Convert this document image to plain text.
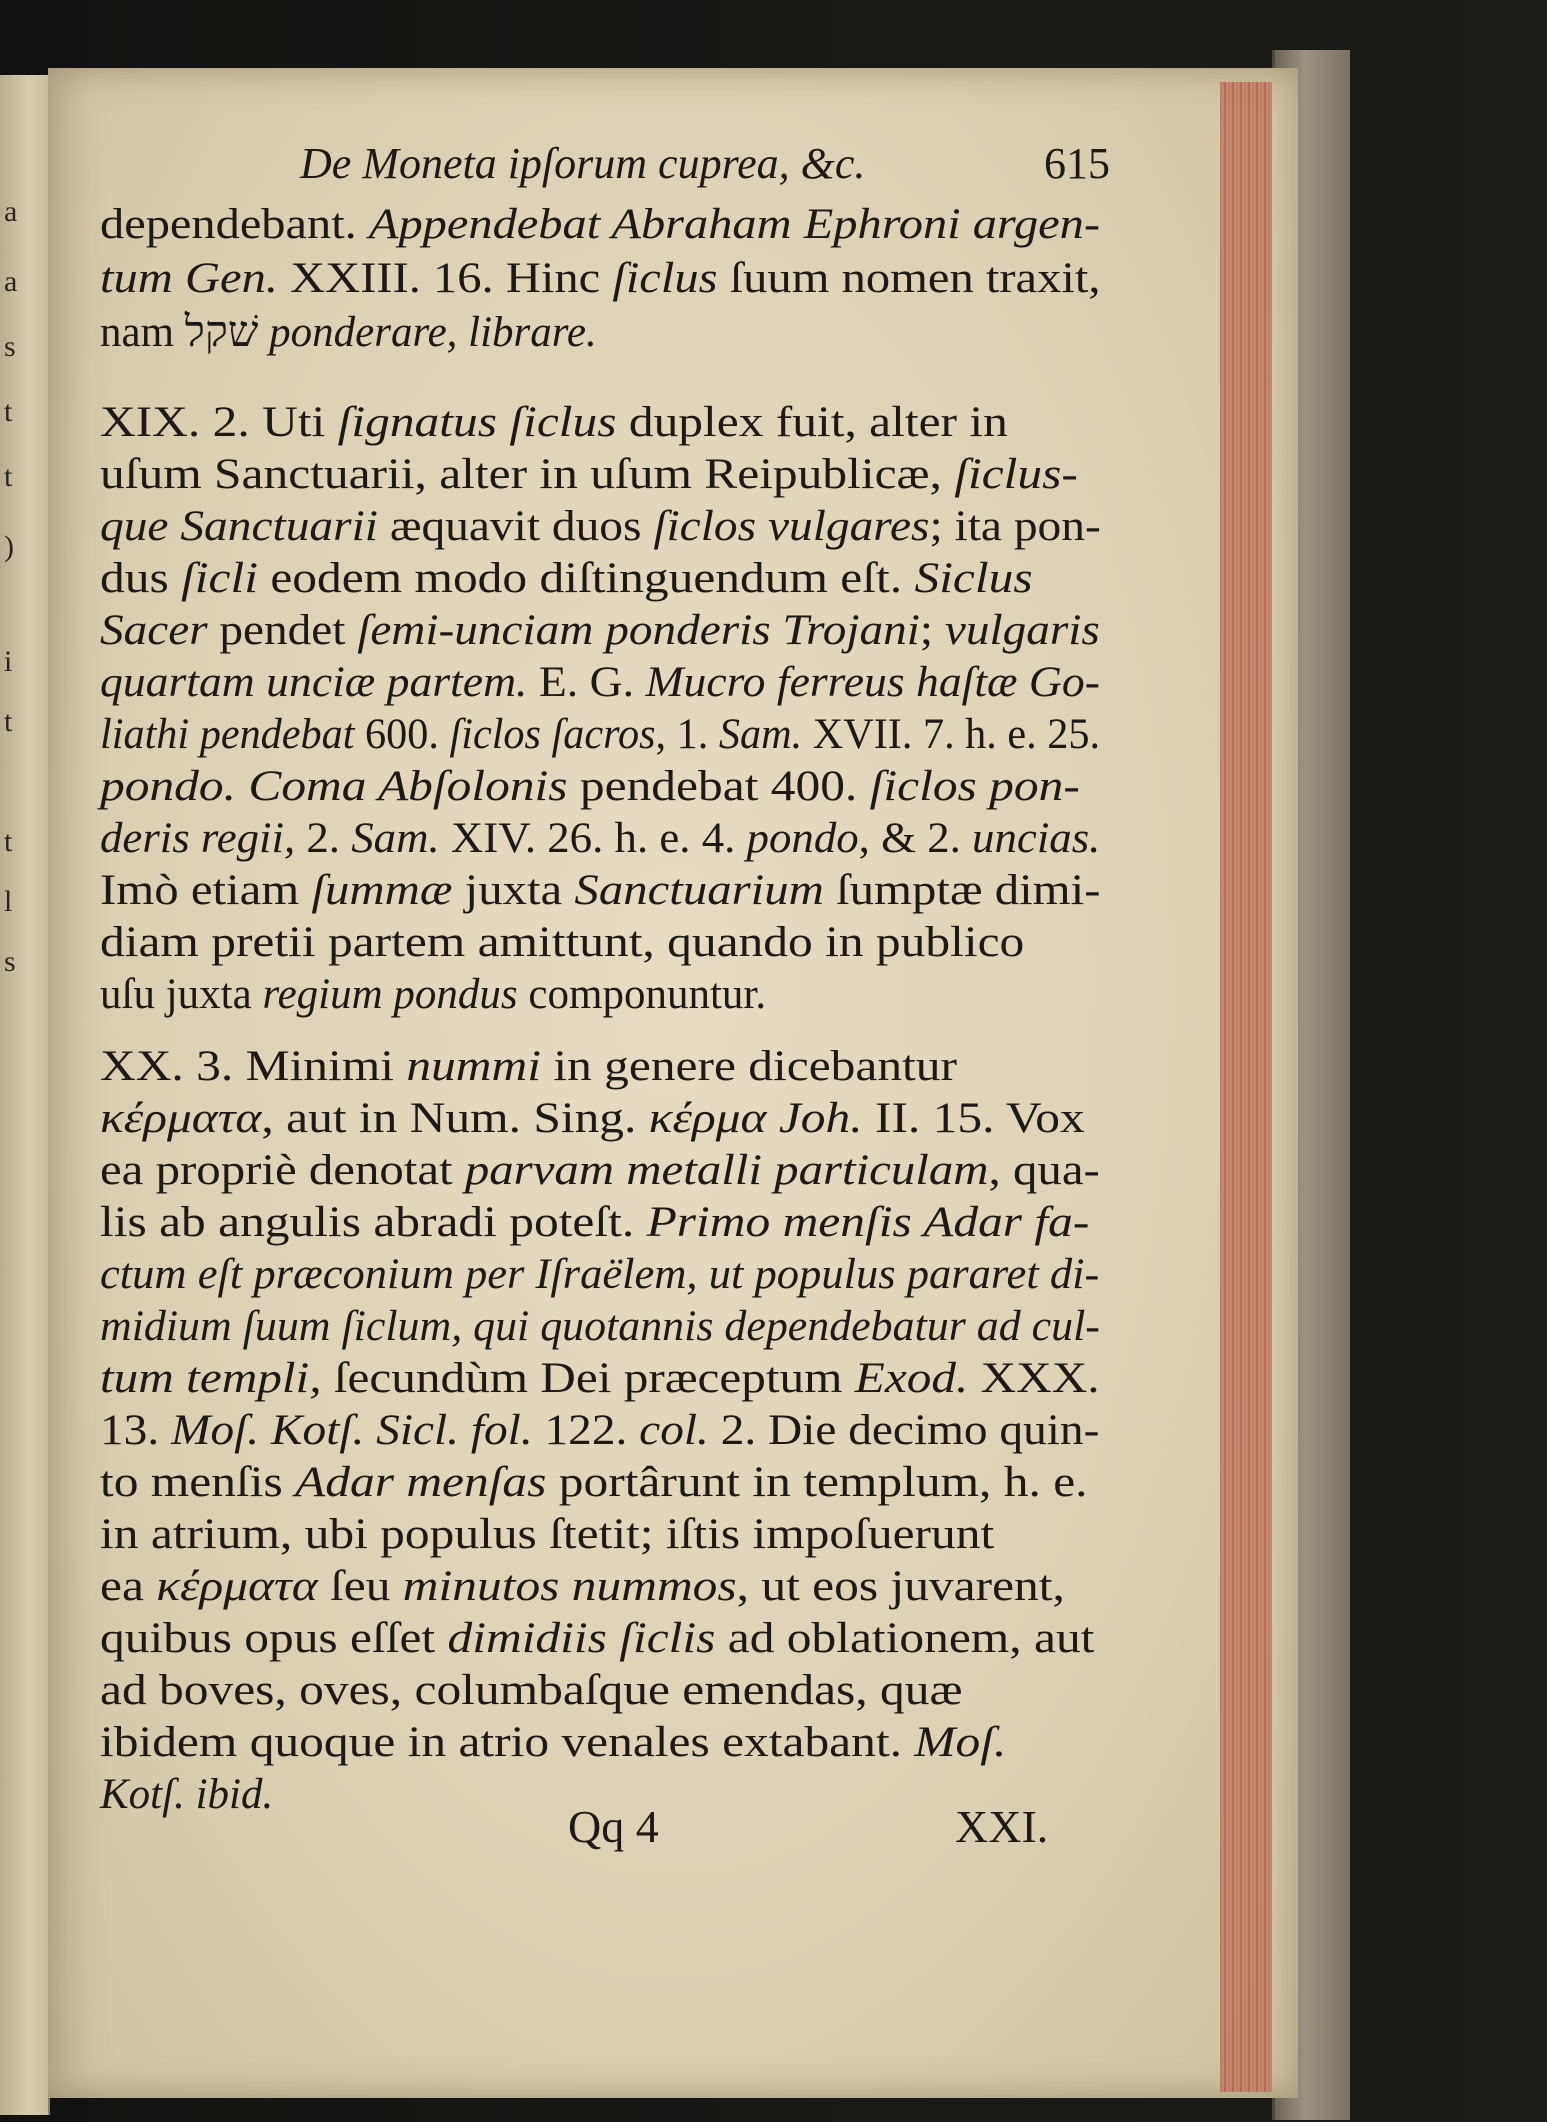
a
a
s
t
t
)
i
t
t
l
s
De Moneta ipſorum cuprea, &c.	615
dependebant. Appendebat Abraham Ephroni argen-
tum Gen. XXIII. 16. Hinc ſiclus ſuum nomen traxit,
nam שׁקל ponderare, librare.
XIX. 2. Uti ſignatus ſiclus duplex fuit, alter in
uſum Sanctuarii, alter in uſum Reipublicæ, ſiclus-
que Sanctuarii æquavit duos ſiclos vulgares; ita pon-
dus ſicli eodem modo diſtinguendum eſt. Siclus
Sacer pendet ſemi-unciam ponderis Trojani; vulgaris
quartam unciæ partem. E. G. Mucro ferreus haſtæ Go-
liathi pendebat 600. ſiclos ſacros, 1. Sam. XVII. 7. h. e. 25.
pondo. Coma Abſolonis pendebat 400. ſiclos pon-
deris regii, 2. Sam. XIV. 26. h. e. 4. pondo, & 2. uncias.
Imò etiam ſummæ juxta Sanctuarium ſumptæ dimi-
diam pretii partem amittunt, quando in publico
uſu juxta regium pondus componuntur.
XX. 3. Minimi nummi in genere dicebantur
κέρματα, aut in Num. Sing. κέρμα Joh. II. 15. Vox
ea propriè denotat parvam metalli particulam, qua-
lis ab angulis abradi poteſt. Primo menſis Adar fa-
ctum eſt præconium per Iſraëlem, ut populus pararet di-
midium ſuum ſiclum, qui quotannis dependebatur ad cul-
tum templi, ſecundùm Dei præceptum Exod. XXX.
13. Moſ. Kotſ. Sicl. fol. 122. col. 2. Die decimo quin-
to menſis Adar menſas portârunt in templum, h. e.
in atrium, ubi populus ſtetit; iſtis impoſuerunt
ea κέρματα ſeu minutos nummos, ut eos juvarent,
quibus opus eſſet dimidiis ſiclis ad oblationem, aut
ad boves, oves, columbaſque emendas, quæ
ibidem quoque in atrio venales extabant. Moſ.
Kotſ. ibid.
Qq 4	XXI.
